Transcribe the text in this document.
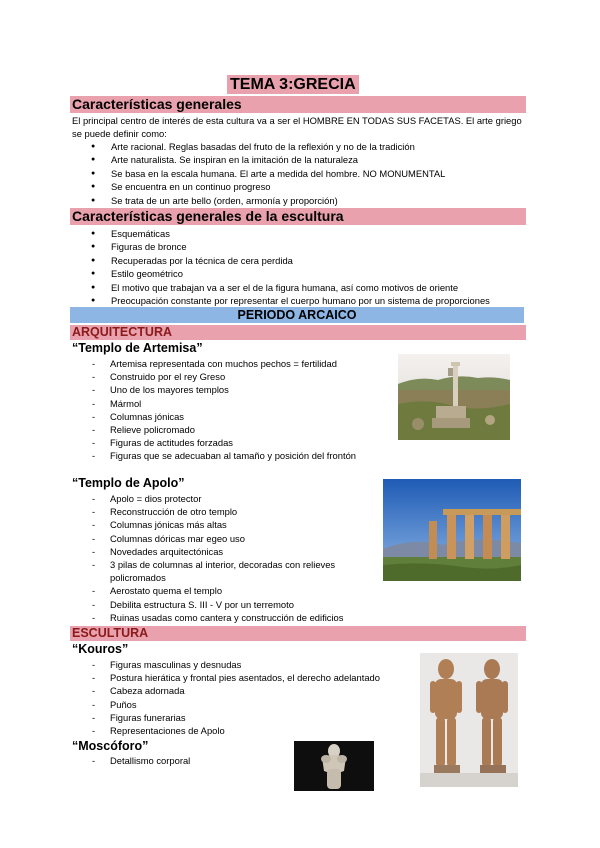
TEMA 3:GRECIA
Características generales
El principal centro de interés de esta cultura va a ser el HOMBRE EN TODAS SUS FACETAS. El arte griego se puede definir como:
● Arte racional. Reglas basadas del fruto de la reflexión y no de la tradición
● Arte naturalista. Se inspiran en la imitación de la naturaleza
● Se basa en la escala humana. El arte a medida del hombre. NO MONUMENTAL
● Se encuentra en un continuo progreso
● Se trata de un arte bello (orden, armonía y proporción)
Características generales de la escultura
● Esquemáticas
● Figuras de bronce
● Recuperadas por la técnica de cera perdida
● Estilo geométrico
● El motivo que trabajan va a ser el de la figura humana, así como motivos de oriente
● Preocupación constante por representar el cuerpo humano por un sistema de proporciones
PERIODO ARCAICO
ARQUITECTURA
“Templo de Artemisa”
- Artemisa representada con muchos pechos = fertilidad
- Construido por el rey Greso
- Uno de los mayores templos
- Mármol
- Columnas jónicas
- Relieve policromado
- Figuras de actitudes forzadas
- Figuras que se adecuaban al tamaño y posición del frontón
“Templo de Apolo”
- Apolo = dios protector
- Reconstrucción de otro templo
- Columnas jónicas más altas
- Columnas dóricas mar egeo uso
- Novedades arquitectónicas
- 3 pilas de columnas al interior, decoradas con relieves policromados
- Aerostato quema el templo
- Debilita estructura S. III - V por un terremoto
- Ruinas usadas como cantera y construcción de edificios
ESCULTURA
“Kouros”
- Figuras masculinas y desnudas
- Postura hierática y frontal pies asentados, el derecho adelantado
- Cabeza adornada
- Puños
- Figuras funerarias
- Representaciones de Apolo
“Moscóforo”
- Detallismo corporal
